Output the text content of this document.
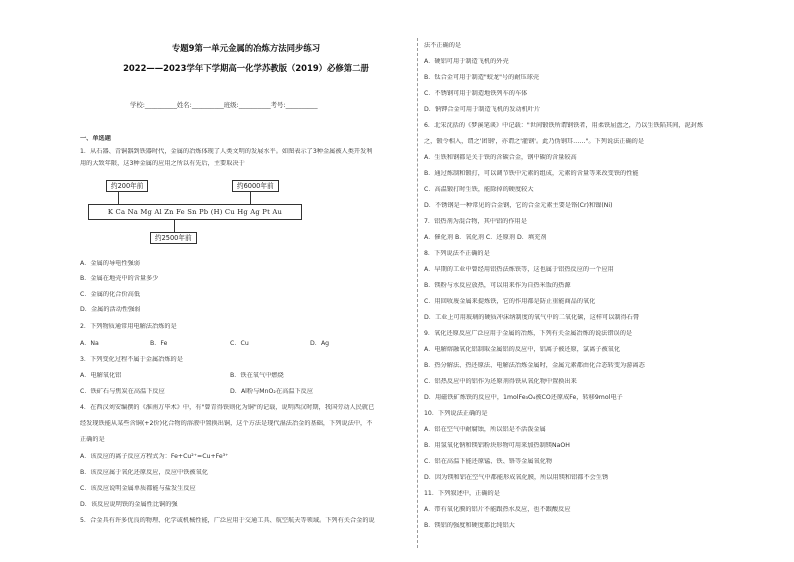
专题9第一单元金属的冶炼方法同步练习
2022——2023学年下学期高一化学苏教版（2019）必修第二册
学校:__________姓名:__________班级:__________考号:__________
一、单选题
1．从石器、青铜器到铁器时代，金属的冶炼体现了人类文明的发展水平。如图表示了3种金属被人类开发利
用的大致年限，这3种金属的应用之所以有先后，主要取决于
约200年前	约6000年前
K Ca Na Mg Al Zn Fe Sn Pb (H) Cu Hg Ag Pt Au
约2500年前
A．金属的导电性强弱
B．金属在地壳中的含量多少
C．金属的化合价高低
D．金属的活动性强弱
2．下列物质通常用电解法冶炼的是
A．Na	B．Fe	C．Cu	D．Ag
3．下列变化过程不属于金属冶炼的是
A．电解氧化铝	B．铁在氧气中燃烧
C．铁矿石与焦炭在高温下反应	D．Al粉与MnO₂在高温下反应
4．在西汉刘安编撰的《淮南万毕术》中，有"曾青得铁则化为铜"的记载，说明西汉时期，我国劳动人民就已
经发现铁能从某些含铜(+2价)化合物的溶液中置换出铜，这个方法是现代湿法冶金的基础，下列说法中，不
正确的是
A．该反应的离子反应方程式为：Fe+Cu²⁺=Cu+Fe³⁺
B．该反应属于氧化还原反应，反应中铁被氧化
C．该反应说明金属单质都能与盐发生反应
D．该反应说明铁的金属性比铜的强
5．合金具有许多优良的物理、化学或机械性能，广泛应用于交通工具、航空航天等领域。下列有关合金的说
法不正确的是
A．硬铝可用于制造飞机的外壳
B．钛合金可用于制造"蛟龙"号的耐压球壳
C．不锈钢可用于制造地铁列车的车体
D．钠钾合金可用于制造飞机的发动机叶片
6．北宋沈括的《梦溪笔谈》中记载："世间锻铁所谓钢铁者，用柔铁屈盘之，乃以生铁陷其间，泥封炼
之，锻令相入，谓之'团钢'，亦谓之'灌钢'。此乃伪钢耳……"。下列说法正确的是
A．生铁和钢都是关于铁的含碳合金，钢中碳的含量较高
B．通过炼制和锻打，可以调节铁中元素的组成，元素的含量等来改变铁的性能
C．高温锻打时生铁，能除掉的硬度较大
D．不锈钢是一种常见的合金钢，它的合金元素主要是铬(Cr)和镍(Ni)
7．铝热剂为混合物，其中铝的作用是
A．催化剂 B．氧化剂 C．还原剂 D．填充剂
8．下列说法不正确的是
A．早期的工业中曾经用铝热法炼铁等，这也属于铝热反应的一个应用
B．镁粉与水反应放热，可以用来作为自热米饭的热源
C．用回收废金属来提炼铁，它的作用都是防止重能商品的氧化
D．工业上可用玻璃的硬质冲沫纳制度的氧气中的二氧化碳，这样可以制得石膏
9．氧化还原反应广泛应用于金属的冶炼，下列有关金属冶炼的说法错误的是
A．电解熔融氧化铝制取金属铝的反应中，铝离子被还原，氯离子被氧化
B．热分解法、热还原法、电解法冶炼金属时，金属元素都由化合态转变为游离态
C．铝热反应中的铝作为还原剂得铁从氧化物中置换出来
D．用磁铁矿炼铁的反应中，1molFe₃O₄被CO还原成Fe，转移9mol电子
10．下列说法正确的是
A．铝在空气中耐腐蚀，所以铝是不活泼金属
B．用氢氧化钠和镁铝粉块形物可用来加热制镁NaOH
C．铝在高温下能还原锰、铁、铬等金属氧化物
D．因为镁和铝在空气中都能形成氧化膜，所以用镁和铝都不会生锈
11．下列叙述中，正确的是
A．带有氧化膜的铝片不能跟热水反应，也不跟酸反应
B．镁铝的强度和硬度都比纯铝大
